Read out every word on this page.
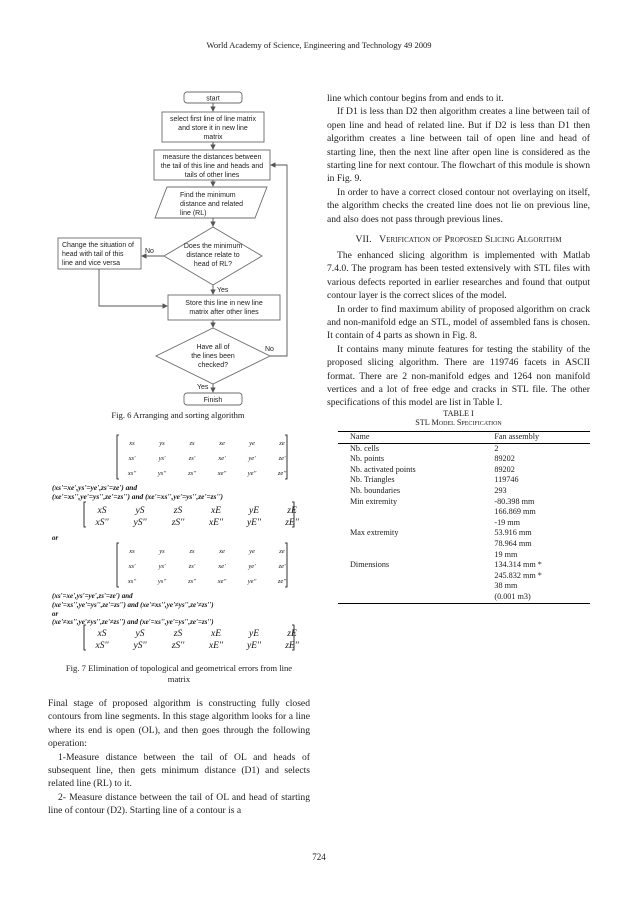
World Academy of Science, Engineering and Technology 49 2009
start
select first line of line matrix
and store it in new line
matrix
measure the distances between
the tail of this line and heads and
tails of other lines
Does the minimum
distance relate to
head of RL?
Store this line in new line
matrix after other lines
Have all of
the lines been
checked?
Finish
Find the minimum
distance and related
line (RL)
Change the situation of
head with tail of this
line and vice versa
No
Yes
No
Yes
Fig. 6 Arranging and sorting algorithm
(xs'=xe',ys'=ye',zs'=ze') and
(xe'=xs'',ye'=ys'',ze'=zs'') and (xe'=xs'',ye'=ys'',ze'=zs'')
or
(xs'=xe',ys'=ye',zs'=ze') and
(xe'=xs'',ye'=ys'',ze'=zs'') and (xe'≠xs'',ye'≠ys'',ze'≠zs'')
or
(xe'≠xs'',ye'≠ys'',ze'≠zs'') and (xe'=xs'',ye'=ys'',ze'=zs'')
xs	ys	zs	xe	ye	ze
xs'	ys'	zs'	xe'	ye'	ze'
xs''	ys''	zs''	xe''	ye''	ze''
xS	yS	zS	xE	yE	zE
xS''	yS''	zS''	xE''	yE''	zE''
xs	ys	zs	xe	ye	ze
xs'	ys'	zs'	xe'	ye'	ze'
xs''	ys''	zs''	xe''	ye''	ze''
xS	yS	zS	xE	yE	zE
xS''	yS''	zS''	xE''	yE''	zE''
Fig. 7 Elimination of topological and geometrical errors from line
matrix

Final stage of proposed algorithm is constructing fully closed contours from line segments. In this stage algorithm looks for a line where its end is open (OL), and then goes through the following operation:

1-Measure distance between the tail of OL and heads of subsequent line, then gets minimum distance (D1) and selects related line (RL) to it.

2- Measure distance between the tail of OL and head of starting line of contour (D2). Starting line of a contour is a

line which contour begins from and ends to it.

If D1 is less than D2 then algorithm creates a line between tail of open line and head of related line. But if D2 is less than D1 then algorithm creates a line between tail of open line and head of starting line, then the next line after open line is considered as the starting line for next contour. The flowchart of this module is shown in Fig. 9.

In order to have a correct closed contour not overlaying on itself, the algorithm checks the created line does not lie on previous line, and also does not pass through previous lines.

VII. Verification of Proposed Slicing Algorithm

The enhanced slicing algorithm is implemented with Matlab 7.4.0. The program has been tested extensively with STL files with various defects reported in earlier researches and found that output contour layer is the correct slices of the model.

In order to find maximum ability of proposed algorithm on crack and non-manifold edge an STL, model of assembled fans is chosen. It contain of 4 parts as shown in Fig. 8.

It contains many minute features for testing the stability of the proposed slicing algorithm. There are 119746 facets in ASCII format. There are 2 non-manifold edges and 1264 non manifold vertices and a lot of free edge and cracks in STL file. The other specifications of this model are list in Table I.

TABLE I
STL Model Specification
Name	Fan assembly
Nb. cells	2
Nb. points	89202
Nb. activated points	89202
Nb. Triangles	119746
Nb. boundaries	293
Min extremity	-80.398 mm
	166.869 mm
	-19 mm
Max extremity	53.916 mm
	78.964 mm
	19 mm
Dimensions	134.314 mm *
	245.832 mm *
	38 mm
	(0.001 m3)
724
